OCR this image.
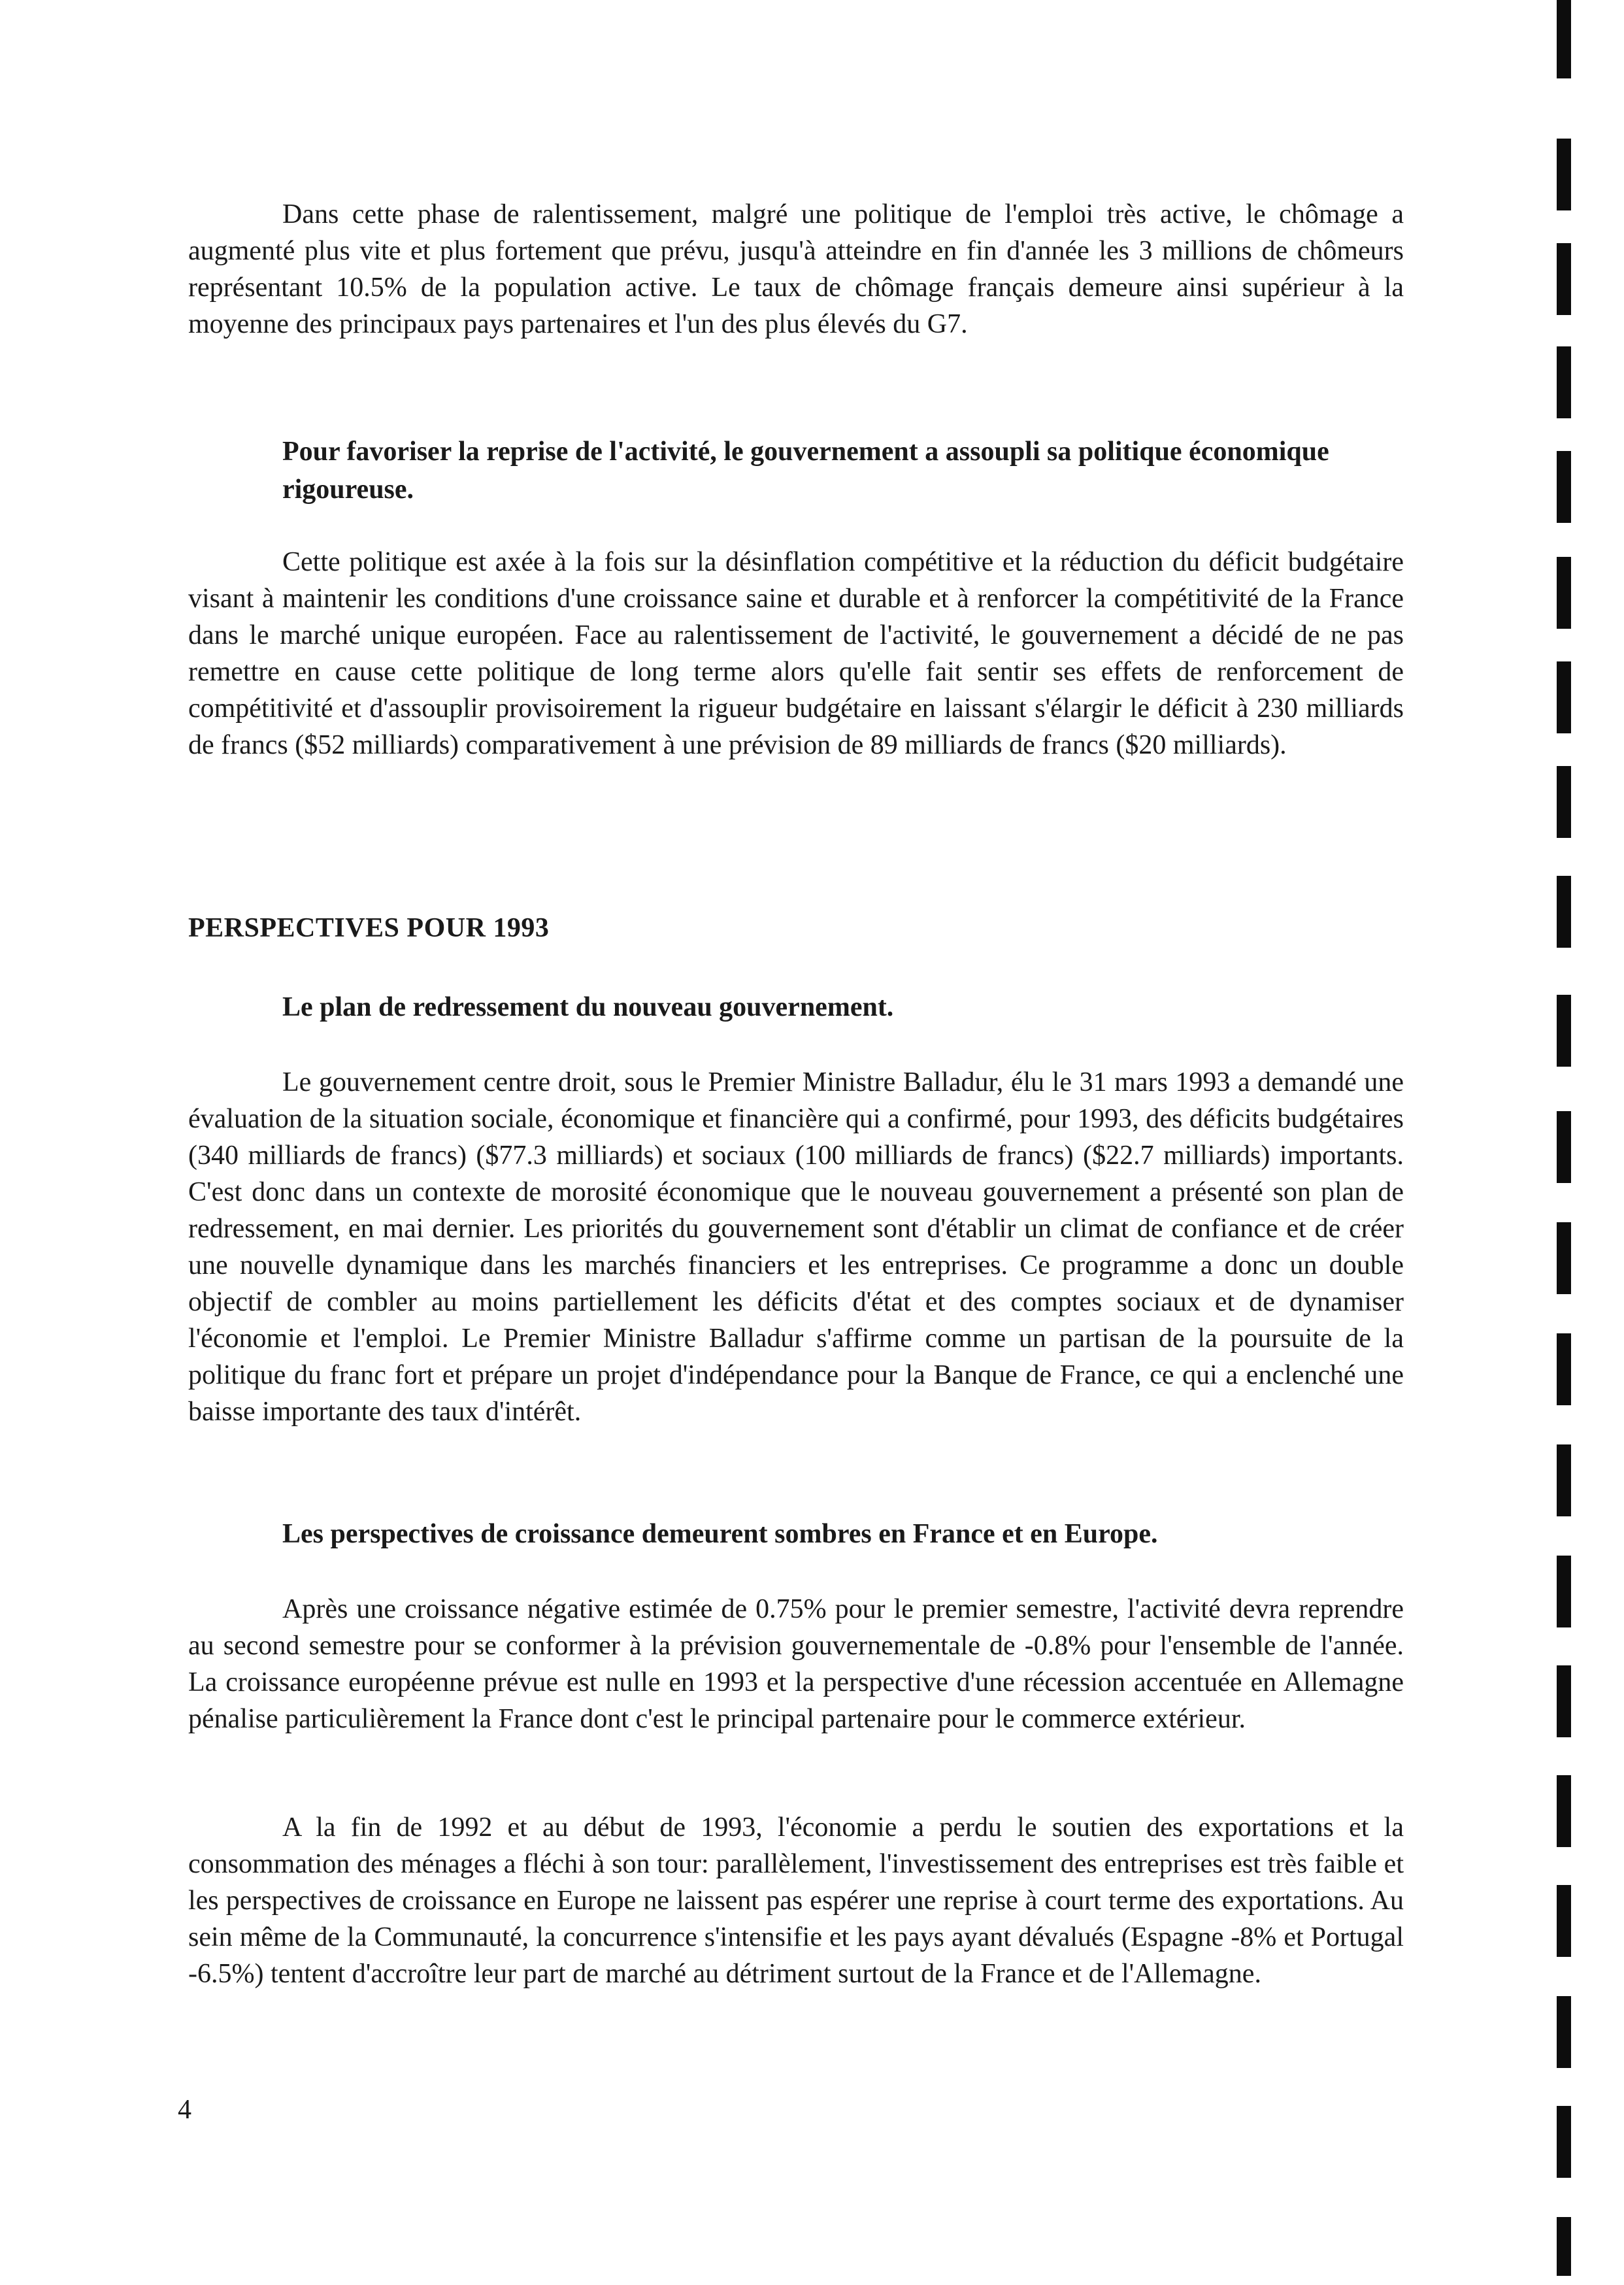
Dans cette phase de ralentissement, malgré une politique de l'emploi très active, le chômage a augmenté plus vite et plus fortement que prévu, jusqu'à atteindre en fin d'année les 3 millions de chômeurs représentant 10.5% de la population active. Le taux de chômage français demeure ainsi supérieur à la moyenne des principaux pays partenaires et l'un des plus élevés du G7.

Pour favoriser la reprise de l'activité, le gouvernement a assoupli sa politique économique rigoureuse.

Cette politique est axée à la fois sur la désinflation compétitive et la réduction du déficit budgétaire visant à maintenir les conditions d'une croissance saine et durable et à renforcer la compétitivité de la France dans le marché unique européen. Face au ralentissement de l'activité, le gouvernement a décidé de ne pas remettre en cause cette politique de long terme alors qu'elle fait sentir ses effets de renforcement de compétitivité et d'assouplir provisoirement la rigueur budgétaire en laissant s'élargir le déficit à 230 milliards de francs ($52 milliards) comparativement à une prévision de 89 milliards de francs ($20 milliards).

PERSPECTIVES POUR 1993

Le plan de redressement du nouveau gouvernement.

Le gouvernement centre droit, sous le Premier Ministre Balladur, élu le 31 mars 1993 a demandé une évaluation de la situation sociale, économique et financière qui a confirmé, pour 1993, des déficits budgétaires (340 milliards de francs) ($77.3 milliards) et sociaux (100 milliards de francs) ($22.7 milliards) importants. C'est donc dans un contexte de morosité économique que le nouveau gouvernement a présenté son plan de redressement, en mai dernier. Les priorités du gouvernement sont d'établir un climat de confiance et de créer une nouvelle dynamique dans les marchés financiers et les entreprises. Ce programme a donc un double objectif de combler au moins partiellement les déficits d'état et des comptes sociaux et de dynamiser l'économie et l'emploi. Le Premier Ministre Balladur s'affirme comme un partisan de la poursuite de la politique du franc fort et prépare un projet d'indépendance pour la Banque de France, ce qui a enclenché une baisse importante des taux d'intérêt.

Les perspectives de croissance demeurent sombres en France et en Europe.

Après une croissance négative estimée de 0.75% pour le premier semestre, l'activité devra reprendre au second semestre pour se conformer à la prévision gouvernementale de -0.8% pour l'ensemble de l'année. La croissance européenne prévue est nulle en 1993 et la perspective d'une récession accentuée en Allemagne pénalise particulièrement la France dont c'est le principal partenaire pour le commerce extérieur.

A la fin de 1992 et au début de 1993, l'économie a perdu le soutien des exportations et la consommation des ménages a fléchi à son tour: parallèlement, l'investissement des entreprises est très faible et les perspectives de croissance en Europe ne laissent pas espérer une reprise à court terme des exportations. Au sein même de la Communauté, la concurrence s'intensifie et les pays ayant dévalués (Espagne -8% et Portugal -6.5%) tentent d'accroître leur part de marché au détriment surtout de la France et de l'Allemagne.

4
